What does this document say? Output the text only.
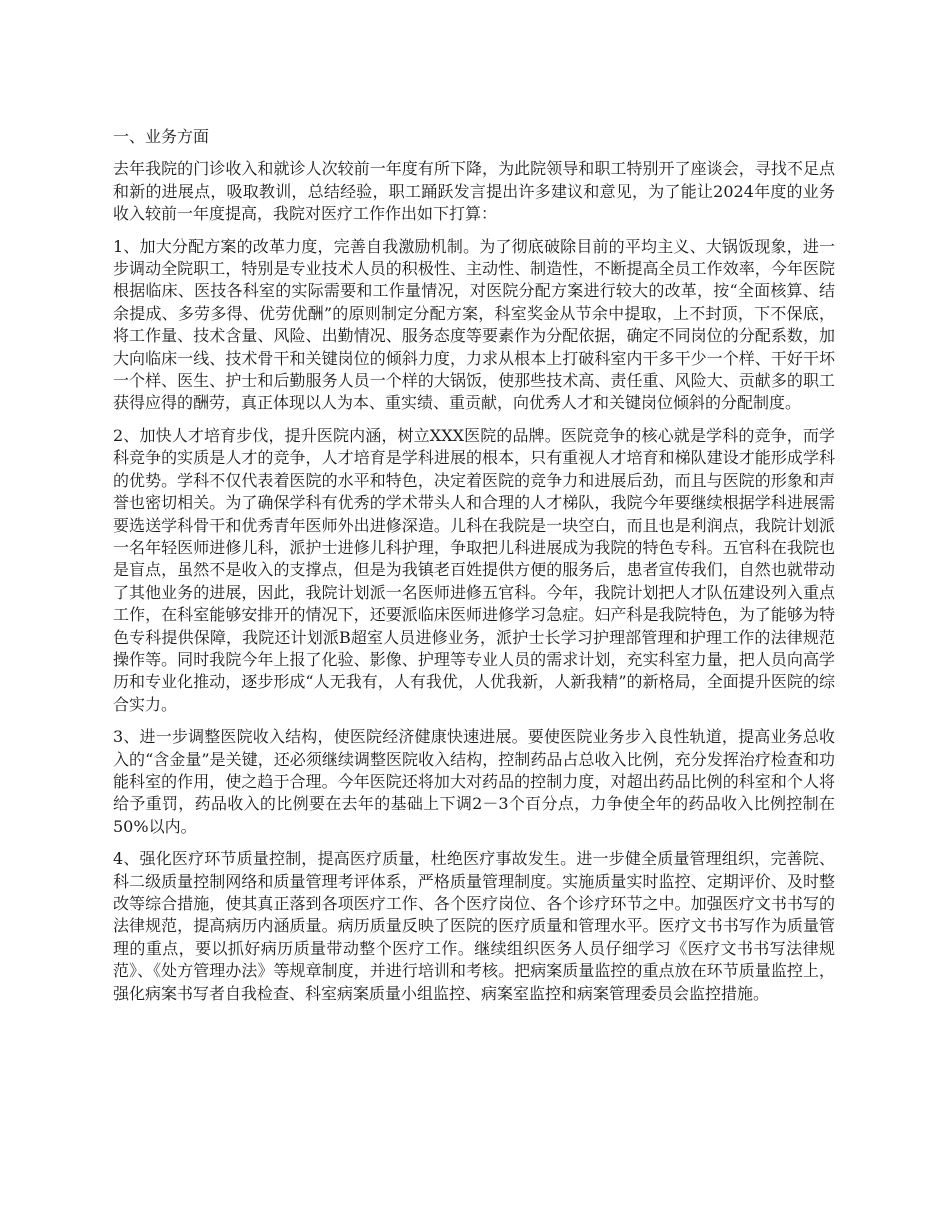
一、业务方面

去年我院的门诊收入和就诊人次较前一年度有所下降，为此院领导和职工特别开了座谈会，寻找不足点和新的进展点，吸取教训，总结经验，职工踊跃发言提出许多建议和意见，为了能让2024年度的业务收入较前一年度提高，我院对医疗工作作出如下打算：

1、加大分配方案的改革力度，完善自我激励机制。为了彻底破除目前的平均主义、大锅饭现象，进一步调动全院职工，特别是专业技术人员的积极性、主动性、制造性，不断提高全员工作效率，今年医院根据临床、医技各科室的实际需要和工作量情况，对医院分配方案进行较大的改革，按“全面核算、结余提成、多劳多得、优劳优酬”的原则制定分配方案，科室奖金从节余中提取，上不封顶，下不保底，将工作量、技术含量、风险、出勤情况、服务态度等要素作为分配依据，确定不同岗位的分配系数，加大向临床一线、技术骨干和关键岗位的倾斜力度，力求从根本上打破科室内干多干少一个样、干好干坏一个样、医生、护士和后勤服务人员一个样的大锅饭，使那些技术高、责任重、风险大、贡献多的职工获得应得的酬劳，真正体现以人为本、重实绩、重贡献，向优秀人才和关键岗位倾斜的分配制度。

2、加快人才培育步伐，提升医院内涵，树立XXX医院的品牌。医院竞争的核心就是学科的竞争，而学科竞争的实质是人才的竞争，人才培育是学科进展的根本，只有重视人才培育和梯队建设才能形成学科的优势。学科不仅代表着医院的水平和特色，决定着医院的竞争力和进展后劲，而且与医院的形象和声誉也密切相关。为了确保学科有优秀的学术带头人和合理的人才梯队，我院今年要继续根据学科进展需要选送学科骨干和优秀青年医师外出进修深造。儿科在我院是一块空白，而且也是利润点，我院计划派一名年轻医师进修儿科，派护士进修儿科护理，争取把儿科进展成为我院的特色专科。五官科在我院也是盲点，虽然不是收入的支撑点，但是为我镇老百姓提供方便的服务后，患者宣传我们，自然也就带动了其他业务的进展，因此，我院计划派一名医师进修五官科。今年，我院计划把人才队伍建设列入重点工作，在科室能够安排开的情况下，还要派临床医师进修学习急症。妇产科是我院特色，为了能够为特色专科提供保障，我院还计划派B超室人员进修业务，派护士长学习护理部管理和护理工作的法律规范操作等。同时我院今年上报了化验、影像、护理等专业人员的需求计划，充实科室力量，把人员向高学历和专业化推动，逐步形成“人无我有，人有我优，人优我新，人新我精”的新格局，全面提升医院的综合实力。

3、进一步调整医院收入结构，使医院经济健康快速进展。要使医院业务步入良性轨道，提高业务总收入的“含金量”是关键，还必须继续调整医院收入结构，控制药品占总收入比例，充分发挥治疗检查和功能科室的作用，使之趋于合理。今年医院还将加大对药品的控制力度，对超出药品比例的科室和个人将给予重罚，药品收入的比例要在去年的基础上下调2－3个百分点，力争使全年的药品收入比例控制在50%以内。

4、强化医疗环节质量控制，提高医疗质量，杜绝医疗事故发生。进一步健全质量管理组织，完善院、科二级质量控制网络和质量管理考评体系，严格质量管理制度。实施质量实时监控、定期评价、及时整改等综合措施，使其真正落到各项医疗工作、各个医疗岗位、各个诊疗环节之中。加强医疗文书书写的法律规范，提高病历内涵质量。病历质量反映了医院的医疗质量和管理水平。医疗文书书写作为质量管理的重点，要以抓好病历质量带动整个医疗工作。继续组织医务人员仔细学习《医疗文书书写法律规范》、《处方管理办法》等规章制度，并进行培训和考核。把病案质量监控的重点放在环节质量监控上，强化病案书写者自我检查、科室病案质量小组监控、病案室监控和病案管理委员会监控措施。
